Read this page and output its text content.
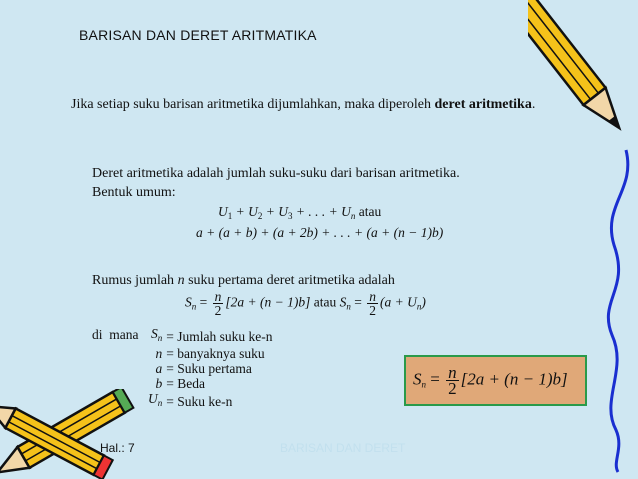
BARISAN DAN DERET ARITMATIKA
Jika setiap suku barisan aritmetika dijumlahkan, maka diperoleh deret aritmetika.
Deret aritmetika adalah jumlah suku-suku dari barisan aritmetika.
Bentuk umum:
$U_1 + U_2 + U_3$ + . . . + $U_n$ atau
a + (a + b) + (a + 2b) + . . . + (a + (n − 1)b)
Rumus jumlah n suku pertama deret aritmetika adalah
$S_n = \frac{n}{2} [2a + (n - 1)b]$ atau $S_n = \frac{n}{2} (a + U_n)$
di  mana $S_n$	= Jumlah suku ke-n
n	= banyaknya suku
a	= Suku pertama
b	= Beda
$U_n$	= Suku ke-n
$S_n = \frac{n}{2} [2a + (n - 1)b]$
Hal.: 7	BARISAN DAN DERET
